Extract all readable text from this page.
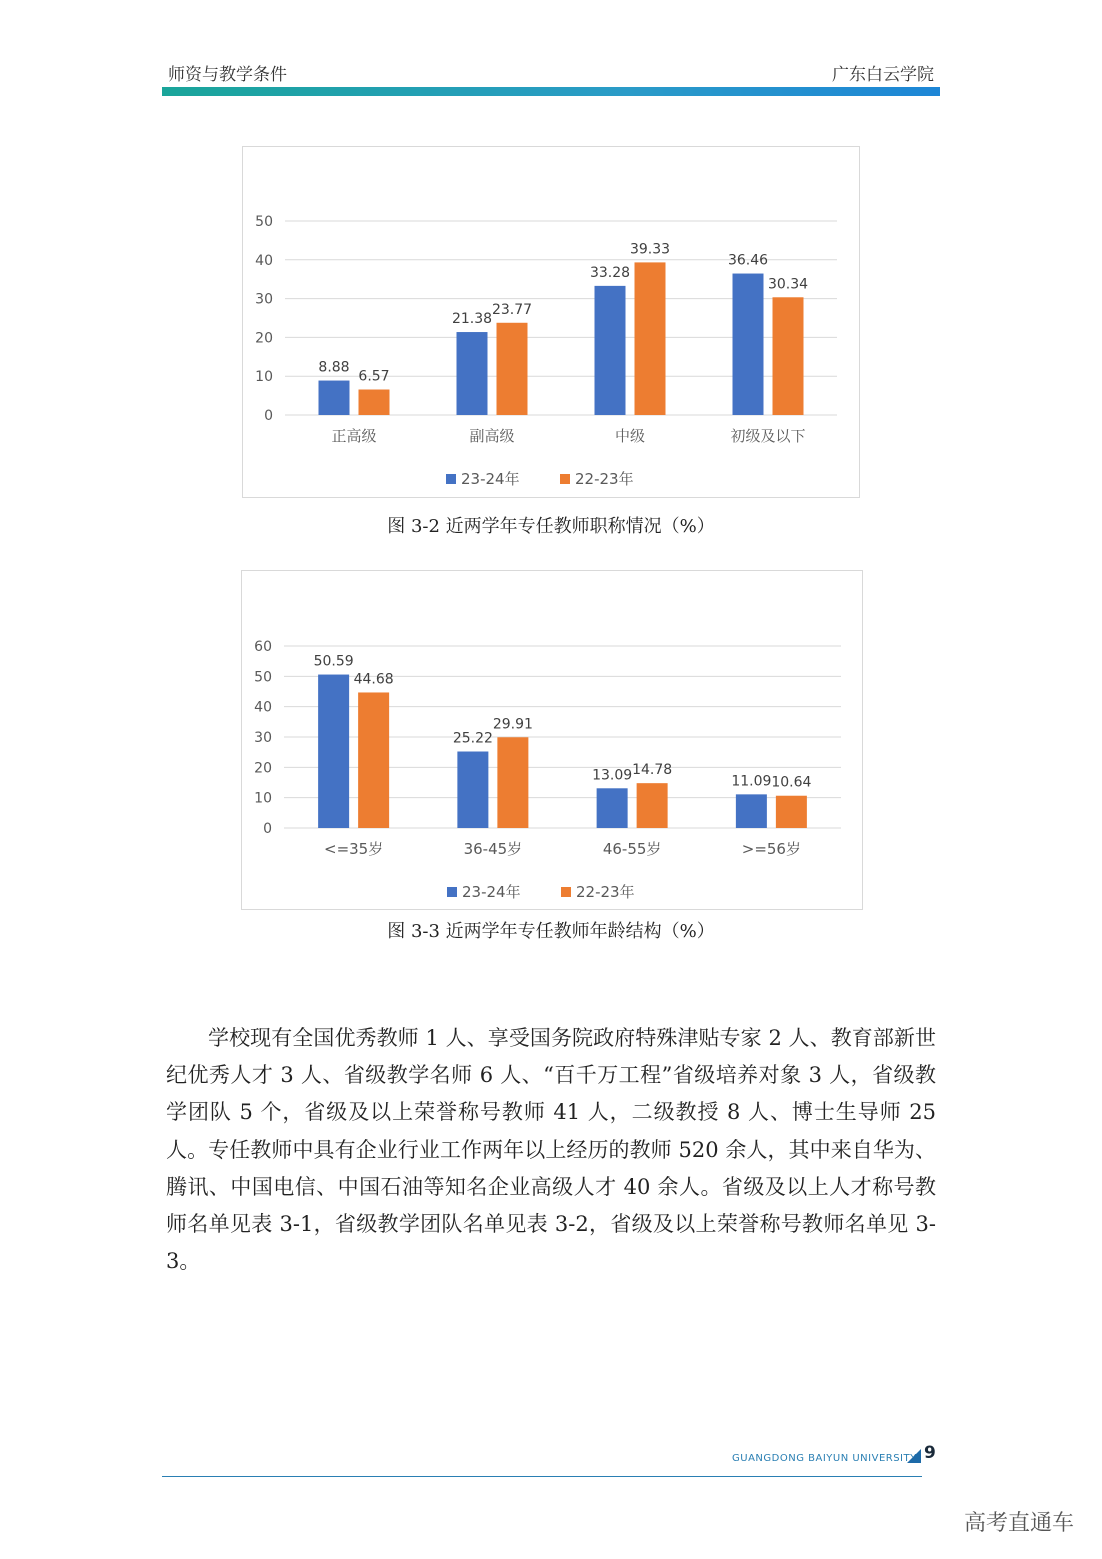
师资与教学条件	广东白云学院
0
10
20
30
40
50
8.88
6.57
正高级
21.38
23.77
副高级
33.28
39.33
中级
36.46
30.34
初级及以下
23-24年	22-23年
图 3-2 近两学年专任教师职称情况（%）
0
10
20
30
40
50
60
50.59
44.68
<=35岁
25.22
29.91
36-45岁
13.09 14.78
46-55岁
11.09 10.64
>=56岁
23-24年	22-23年
图 3-3 近两学年专任教师年龄结构（%）
学校现有全国优秀教师 1 人、享受国务院政府特殊津贴专家 2 人、教育部新世纪优秀人才 3 人、省级教学名师 6 人、“百千万工程”省级培养对象 3 人，省级教学团队 5 个，省级及以上荣誉称号教师 41 人，二级教授 8 人、博士生导师 25 人。专任教师中具有企业行业工作两年以上经历的教师 520 余人，其中来自华为、腾讯、中国电信、中国石油等知名企业高级人才 40 余人。省级及以上人才称号教师名单见表 3-1，省级教学团队名单见表 3-2，省级及以上荣誉称号教师名单见 3-3。
GUANGDONG BAIYUN UNIVERSITY 9
高考直通车
